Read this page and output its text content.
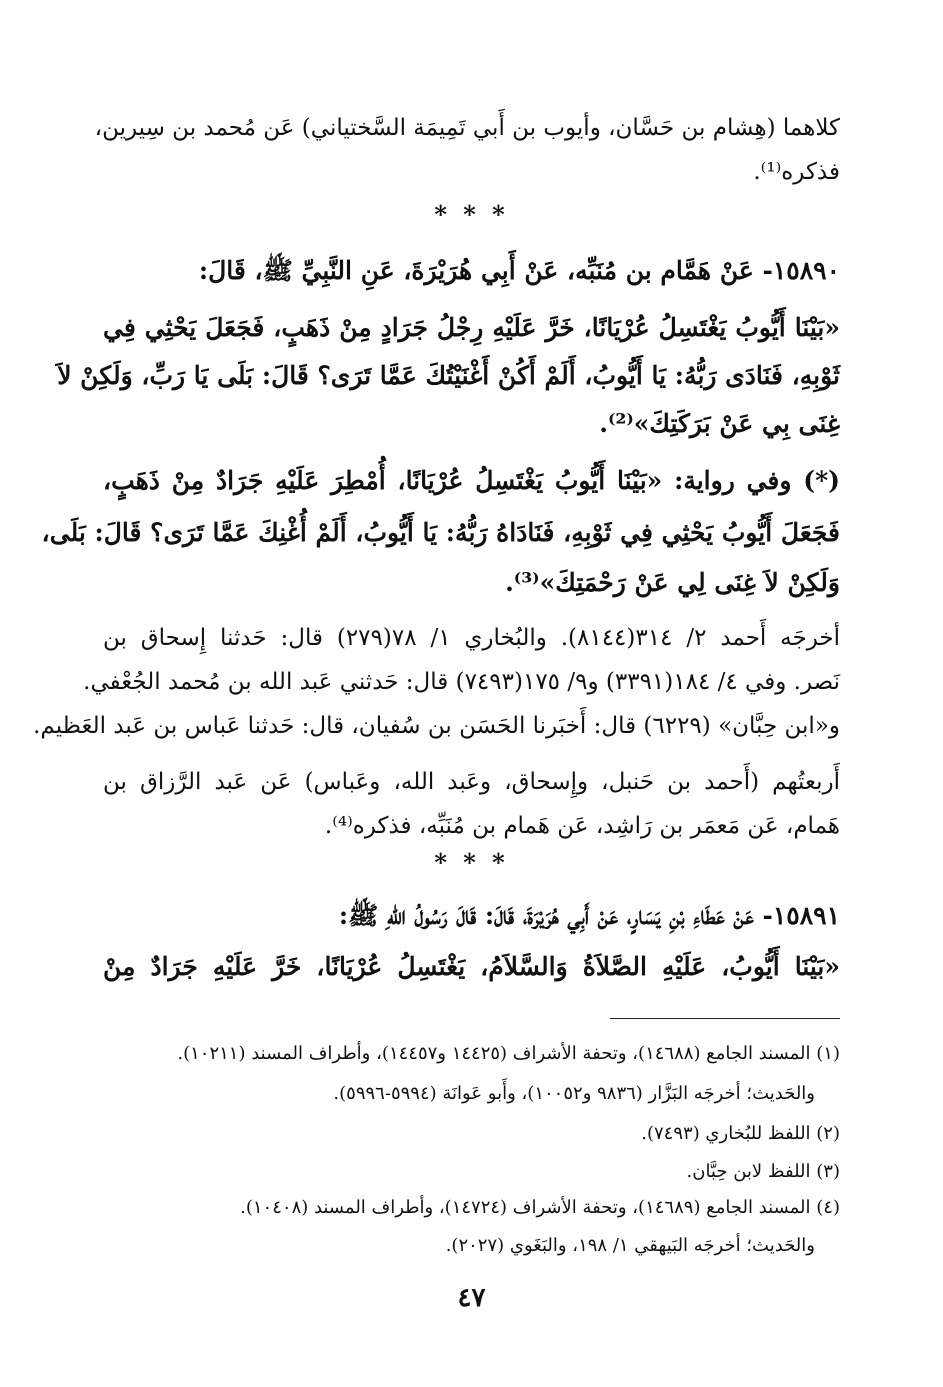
كلاهما (هِشام بن حَسَّان، وأيوب بن أَبي تَمِيمَة السَّختياني) عَن مُحمد بن سِيرين،
فذكره⁽¹⁾.
* * *
١٥٨٩٠- عَنْ هَمَّام بن مُنَبِّه، عَنْ أَبِي هُرَيْرَةَ، عَنِ النَّبِيِّ ﷺ، قَالَ:
«بَيْنَا أَيُّوبُ يَغْتَسِلُ عُرْيَانًا، خَرَّ عَلَيْهِ رِجْلُ جَرَادٍ مِنْ ذَهَبٍ، فَجَعَلَ يَحْثِي فِي
ثَوْبِهِ، فَنَادَى رَبُّهُ: يَا أَيُّوبُ، أَلَمْ أَكُنْ أَغْنَيْتُكَ عَمَّا تَرَى؟ قَالَ: بَلَى يَا رَبِّ، وَلَكِنْ لاَ
غِنَى بِي عَنْ بَرَكَتِكَ»⁽²⁾.
(*) وفي رواية: «بَيْنَا أَيُّوبُ يَغْتَسِلُ عُرْيَانًا، أُمْطِرَ عَلَيْهِ جَرَادٌ مِنْ ذَهَبٍ،
فَجَعَلَ أَيُّوبُ يَحْثِي فِي ثَوْبِهِ، فَنَادَاهُ رَبُّهُ: يَا أَيُّوبُ، أَلَمْ أُغْنِكَ عَمَّا تَرَى؟ قَالَ: بَلَى،
وَلَكِنْ لاَ غِنَى لِي عَنْ رَحْمَتِكَ»⁽³⁾.
أخرجَه أَحمد ٢/ ٣١٤(٨١٤٤). والبُخاري ١/ ٧٨(٢٧٩) قال: حَدثنا إِسحاق بن
نَصر. وفي ٤/ ١٨٤(٣٣٩١) و٩/ ١٧٥(٧٤٩٣) قال: حَدثني عَبد الله بن مُحمد الجُعْفي.
و«ابن حِبَّان» (٦٢٢٩) قال: أَخبَرنا الحَسَن بن سُفيان، قال: حَدثنا عَباس بن عَبد العَظيم.
أَربعتُهم (أَحمد بن حَنبل، وإِسحاق، وعَبد الله، وعَباس) عَن عَبد الرَّزاق بن
هَمام، عَن مَعمَر بن رَاشِد، عَن هَمام بن مُنَبِّه، فذكره⁽⁴⁾.
* * *
١٥٨٩١- عَنْ عَطَاءِ بْنِ يَسَارٍ، عَنْ أَبِي هُرَيْرَةَ، قَالَ: قَالَ رَسُولُ اللهِ ﷺ:
«بَيْنَا أَيُّوبُ، عَلَيْهِ الصَّلاَةُ وَالسَّلاَمُ، يَغْتَسِلُ عُرْيَانًا، خَرَّ عَلَيْهِ جَرَادٌ مِنْ
(١) المسند الجامع (١٤٦٨٨)، وتحفة الأشراف (١٤٤٢٥ و١٤٤٥٧)، وأطراف المسند (١٠٢١١).
والحَديث؛ أخرجَه البَزَّار (٩٨٣٦ و١٠٠٥٢)، وأَبو عَوانَة (٥٩٩٤-٥٩٩٦).
(٢) اللفظ للبُخاري (٧٤٩٣).
(٣) اللفظ لابن حِبَّان.
(٤) المسند الجامع (١٤٦٨٩)، وتحفة الأشراف (١٤٧٢٤)، وأطراف المسند (١٠٤٠٨).
والحَديث؛ أخرجَه البَيهقي ١/ ١٩٨، والبَغَوي (٢٠٢٧).
٤٧
